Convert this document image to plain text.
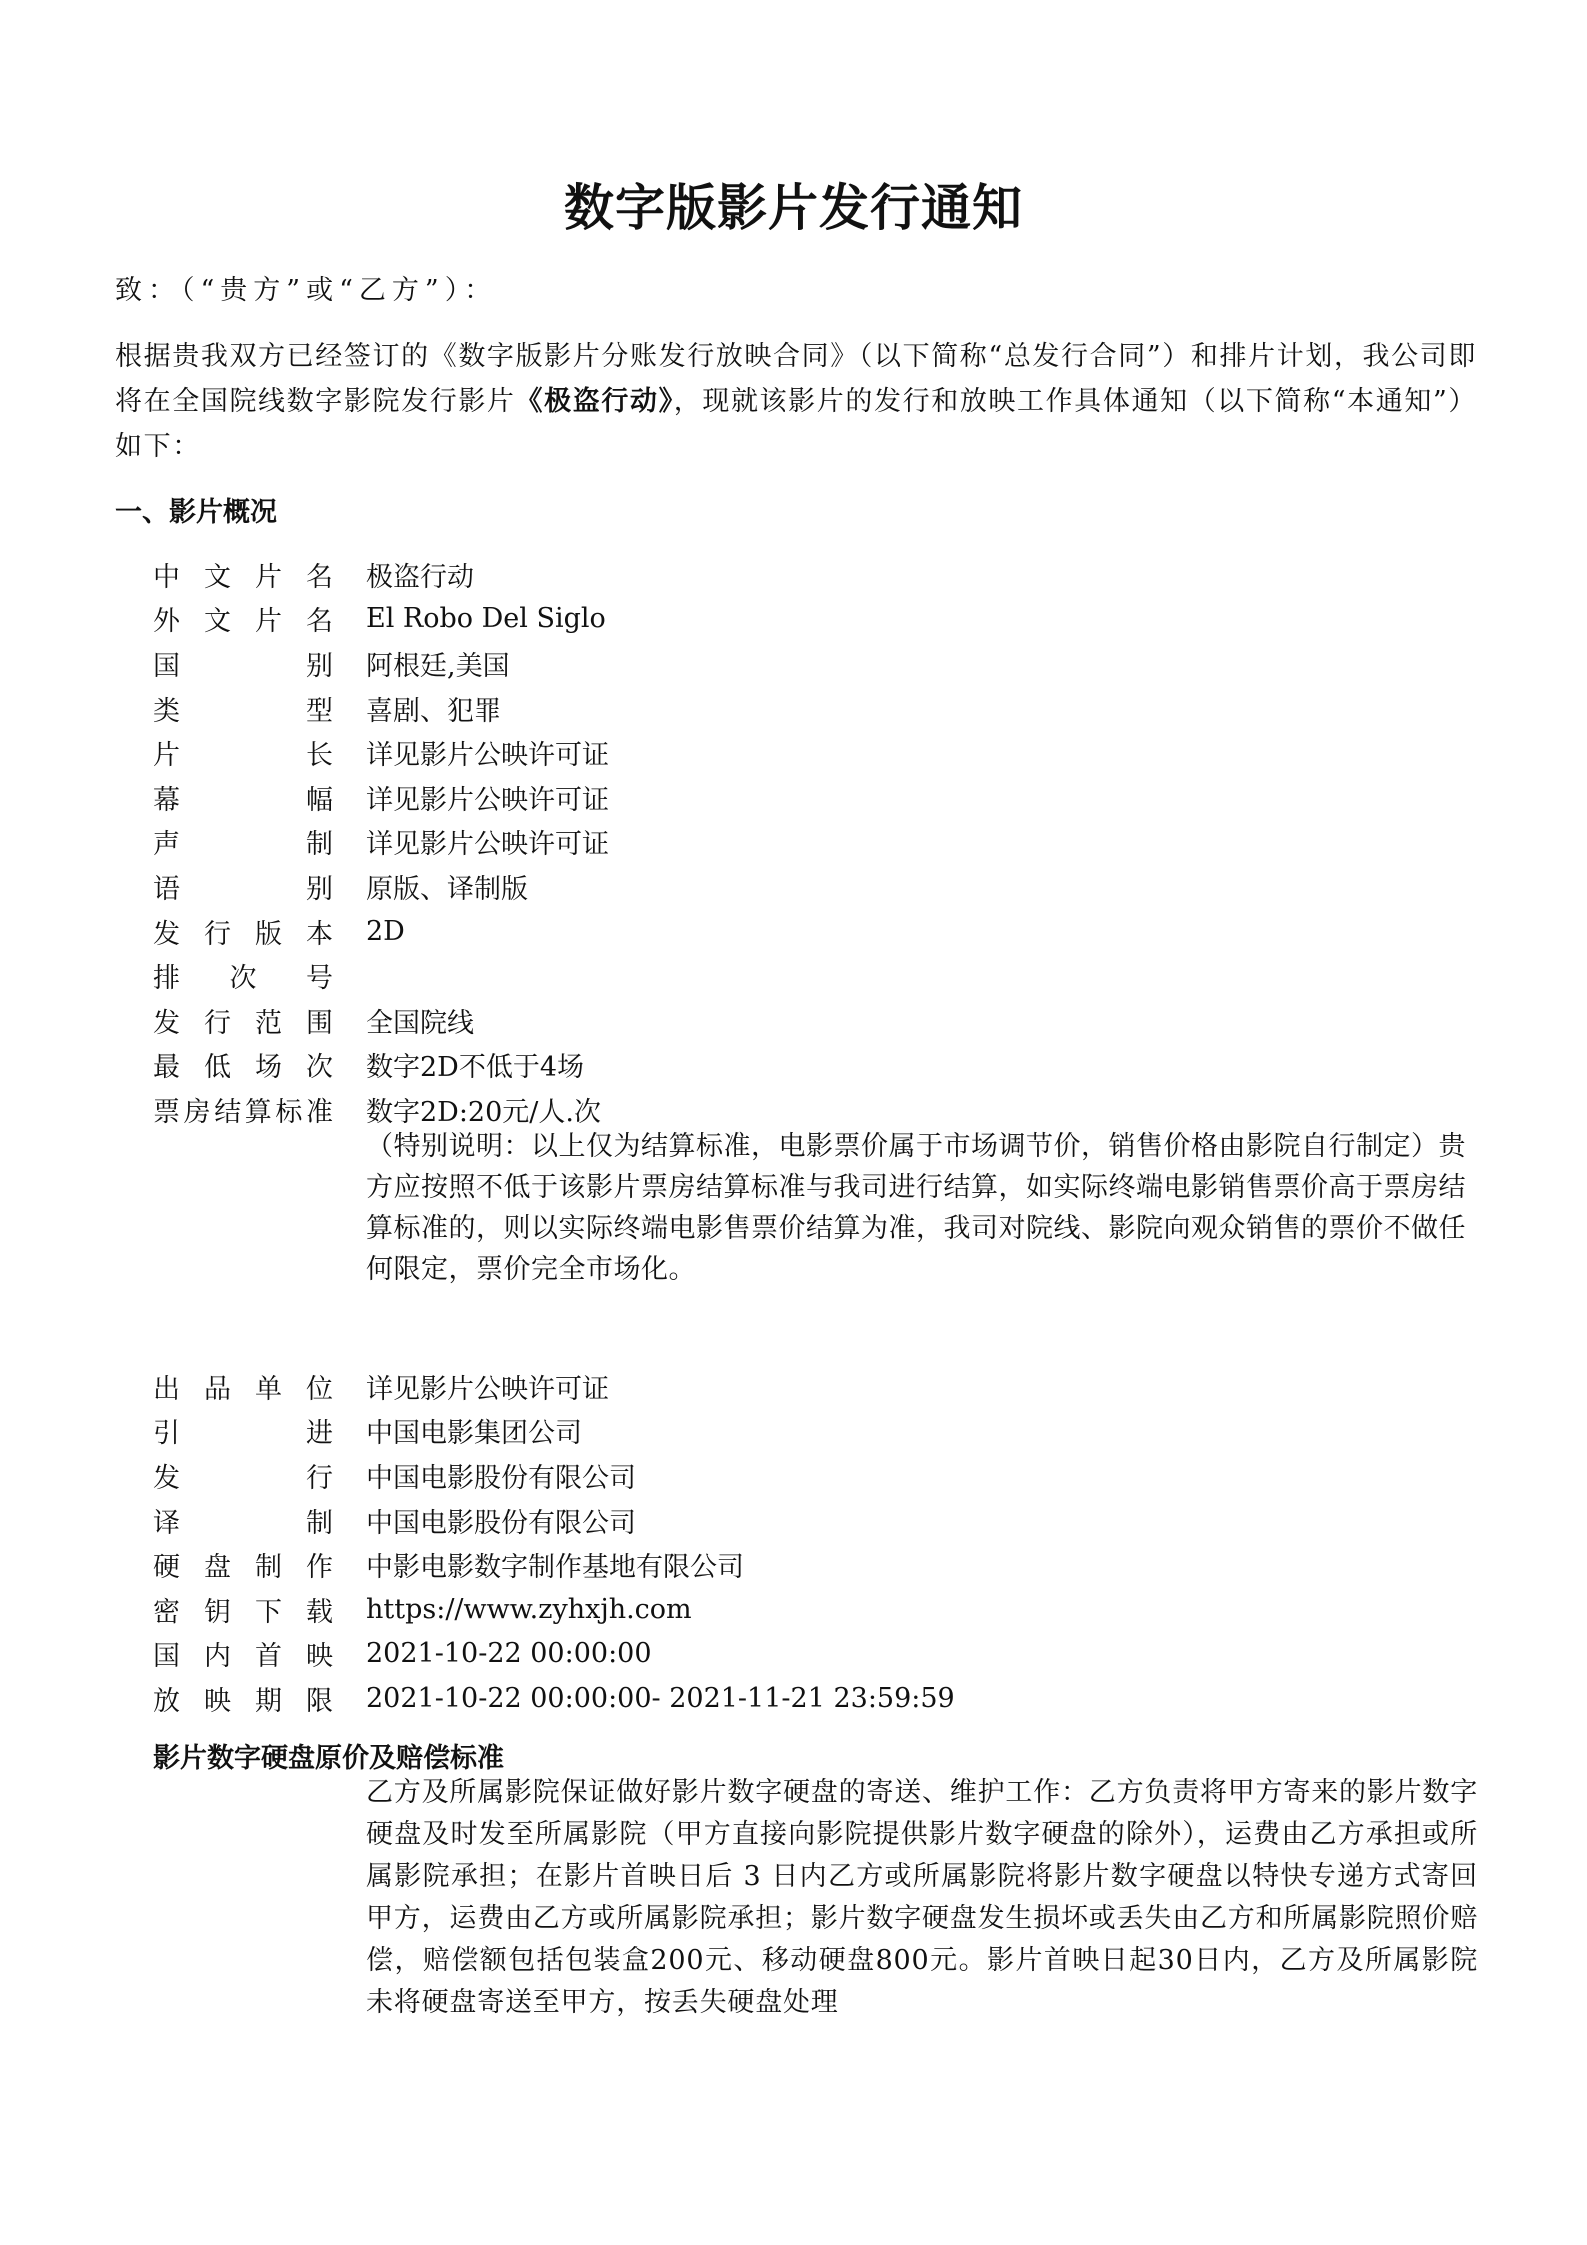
数字版影片发行通知
致：（“贵方”或“乙方”）：
根据贵我双方已经签订的《数字版影片分账发行放映合同》（以下简称“总发行合同”）和排片计划，我公司即将在全国院线数字影院发行影片《极盗行动》，现就该影片的发行和放映工作具体通知（以下简称“本通知”）如下：
一、影片概况
中 文 片 名 极盗行动
外 文 片 名 El Robo Del Siglo
国	别 阿根廷,美国
类	型 喜剧、犯罪
片	长 详见影片公映许可证
幕	幅 详见影片公映许可证
声	制 详见影片公映许可证
语	别 原版、译制版
发 行 版 本 2D
排 次 号
发 行 范 围 全国院线
最 低 场 次 数字2D不低于4场
票 房 结 算 标 准 数字2D:20元/人.次
（特别说明：以上仅为结算标准，电影票价属于市场调节价，销售价格由影院自行制定）贵方应按照不低于该影片票房结算标准与我司进行结算，如实际终端电影销售票价高于票房结算标准的，则以实际终端电影售票价结算为准，我司对院线、影院向观众销售的票价不做任何限定，票价完全市场化。
出 品 单 位 详见影片公映许可证
引	进 中国电影集团公司
发	行 中国电影股份有限公司
译	制 中国电影股份有限公司
硬 盘 制 作 中影电影数字制作基地有限公司
密 钥 下 载 https://www.zyhxjh.com
国 内 首 映 2021-10-22 00:00:00
放 映 期 限 2021-10-22 00:00:00- 2021-11-21 23:59:59
影片数字硬盘原价及赔偿标准
乙方及所属影院保证做好影片数字硬盘的寄送、维护工作：乙方负责将甲方寄来的影片数字硬盘及时发至所属影院（甲方直接向影院提供影片数字硬盘的除外），运费由乙方承担或所属影院承担；在影片首映日后 3 日内乙方或所属影院将影片数字硬盘以特快专递方式寄回甲方，运费由乙方或所属影院承担；影片数字硬盘发生损坏或丢失由乙方和所属影院照价赔偿，赔偿额包括包装盒200元、移动硬盘800元。影片首映日起30日内，乙方及所属影院未将硬盘寄送至甲方，按丢失硬盘处理
